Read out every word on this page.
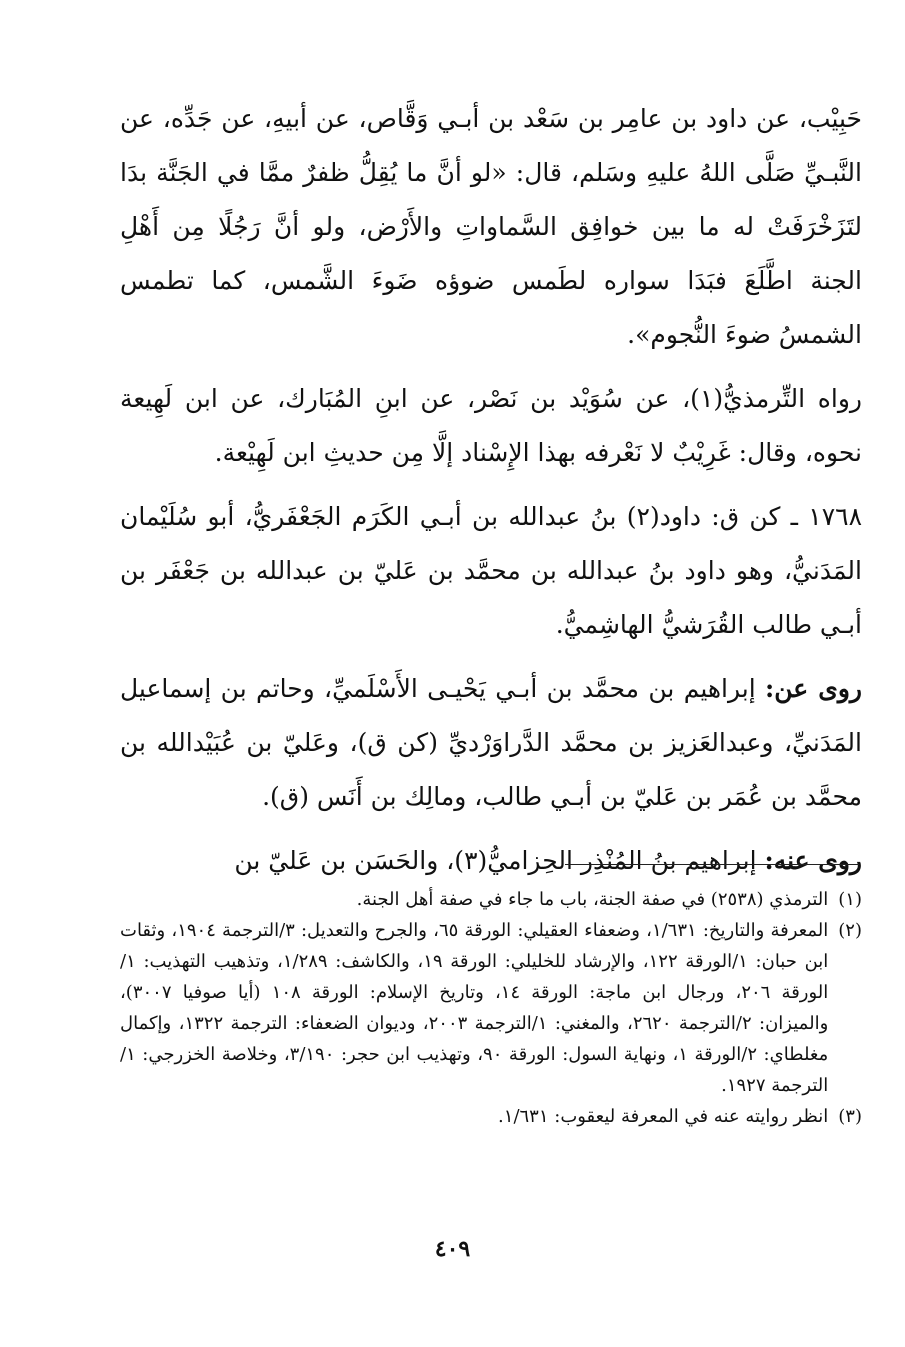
حَبِيْب، عن داود بن عامِر بن سَعْد بن أبـي وَقَّاص، عن أبيهِ، عن جَدِّه، عن النَّبـيِّ صَلَّى اللهُ عليهِ وسَلم، قال: «لو أنَّ ما يُقِلُّ ظفرٌ ممَّا في الجَنَّة بدَا لتَزَخْرَفَتْ له ما بين خوافِق السَّماواتِ والأَرْض، ولو أنَّ رَجُلًا مِن أَهْلِ الجنة اطَّلَعَ فبَدَا سواره لطَمس ضوؤه ضَوءَ الشَّمس، كما تطمس الشمسُ ضوءَ النُّجوم».

رواه التِّرمذيُّ(١)، عن سُوَيْد بن نَصْر، عن ابنِ المُبَارك، عن ابن لَهِيعة نحوه، وقال: غَرِيْبٌ لا نَعْرفه بهذا الإِسْناد إلَّا مِن حديثِ ابن لَهِيْعة.

١٧٦٨ ـ كن ق: داود(٢) بنُ عبدالله بن أبـي الكَرَم الجَعْفَريُّ، أبو سُلَيْمان المَدَنيُّ، وهو داود بنُ عبدالله بن محمَّد بن عَليّ بن عبدالله بن جَعْفَر بن أبـي طالب القُرَشيُّ الهاشِميُّ.

روى عن: إبراهيم بن محمَّد بن أبـي يَحْيـى الأَسْلَميِّ، وحاتم بن إسماعيل المَدَنيِّ، وعبدالعَزيز بن محمَّد الدَّراوَرْديِّ (كن ق)، وعَليّ بن عُبَيْدالله بن محمَّد بن عُمَر بن عَليّ بن أبـي طالب، ومالِك بن أَنَس (ق).

روى عنه: إبراهيم بنُ المُنْذِر الحِزاميُّ(٣)، والحَسَن بن عَليّ بن

(١)
الترمذي (٢٥٣٨) في صفة الجنة، باب ما جاء في صفة أهل الجنة.
(٢)
المعرفة والتاريخ: ١/٦٣١، وضعفاء العقيلي: الورقة ٦٥، والجرح والتعديل: ٣/الترجمة ١٩٠٤، وثقات ابن حبان: ١/الورقة ١٢٢، والإرشاد للخليلي: الورقة ١٩، والكاشف: ١/٢٨٩، وتذهيب التهذيب: ١/الورقة ٢٠٦، ورجال ابن ماجة: الورقة ١٤، وتاريخ الإسلام: الورقة ١٠٨ (أيا صوفيا ٣٠٠٧)، والميزان: ٢/الترجمة ٢٦٢٠، والمغني: ١/الترجمة ٢٠٠٣، وديوان الضعفاء: الترجمة ١٣٢٢، وإكمال مغلطاي: ٢/الورقة ١، ونهاية السول: الورقة ٩٠، وتهذيب ابن حجر: ٣/١٩٠، وخلاصة الخزرجي: ١/الترجمة ١٩٢٧.
(٣)
انظر روايته عنه في المعرفة ليعقوب: ١/٦٣١.
٤٠٩
